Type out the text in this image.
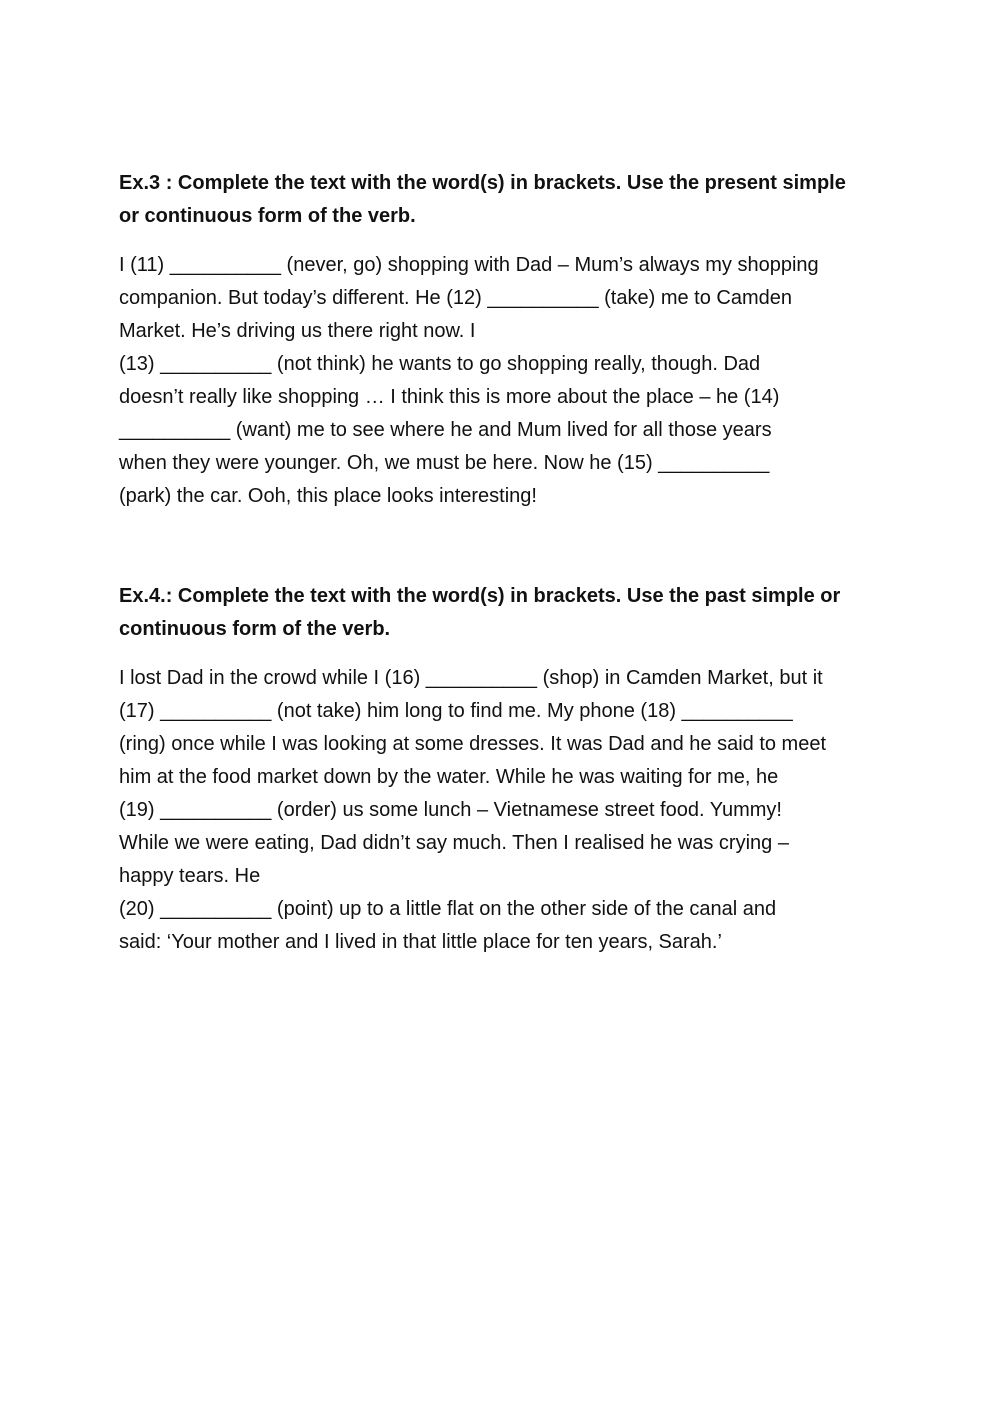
Ex.3 : Complete the text with the word(s) in brackets. Use the present simple
or continuous form of the verb.

I (11) __________ (never, go) shopping with Dad – Mum’s always my shopping
companion. But today’s different. He (12) __________ (take) me to Camden
Market. He’s driving us there right now. I
(13) __________ (not think) he wants to go shopping really, though. Dad
doesn’t really like shopping … I think this is more about the place – he (14)
__________ (want) me to see where he and Mum lived for all those years
when they were younger. Oh, we must be here. Now he (15) __________
(park) the car. Ooh, this place looks interesting!

Ex.4.: Complete the text with the word(s) in brackets. Use the past simple or
continuous form of the verb.

I lost Dad in the crowd while I (16) __________ (shop) in Camden Market, but it
(17) __________ (not take) him long to find me. My phone (18) __________
(ring) once while I was looking at some dresses. It was Dad and he said to meet
him at the food market down by the water. While he was waiting for me, he
(19) __________ (order) us some lunch – Vietnamese street food. Yummy!
While we were eating, Dad didn’t say much. Then I realised he was crying –
happy tears. He
(20) __________ (point) up to a little flat on the other side of the canal and
said: ‘Your mother and I lived in that little place for ten years, Sarah.’
